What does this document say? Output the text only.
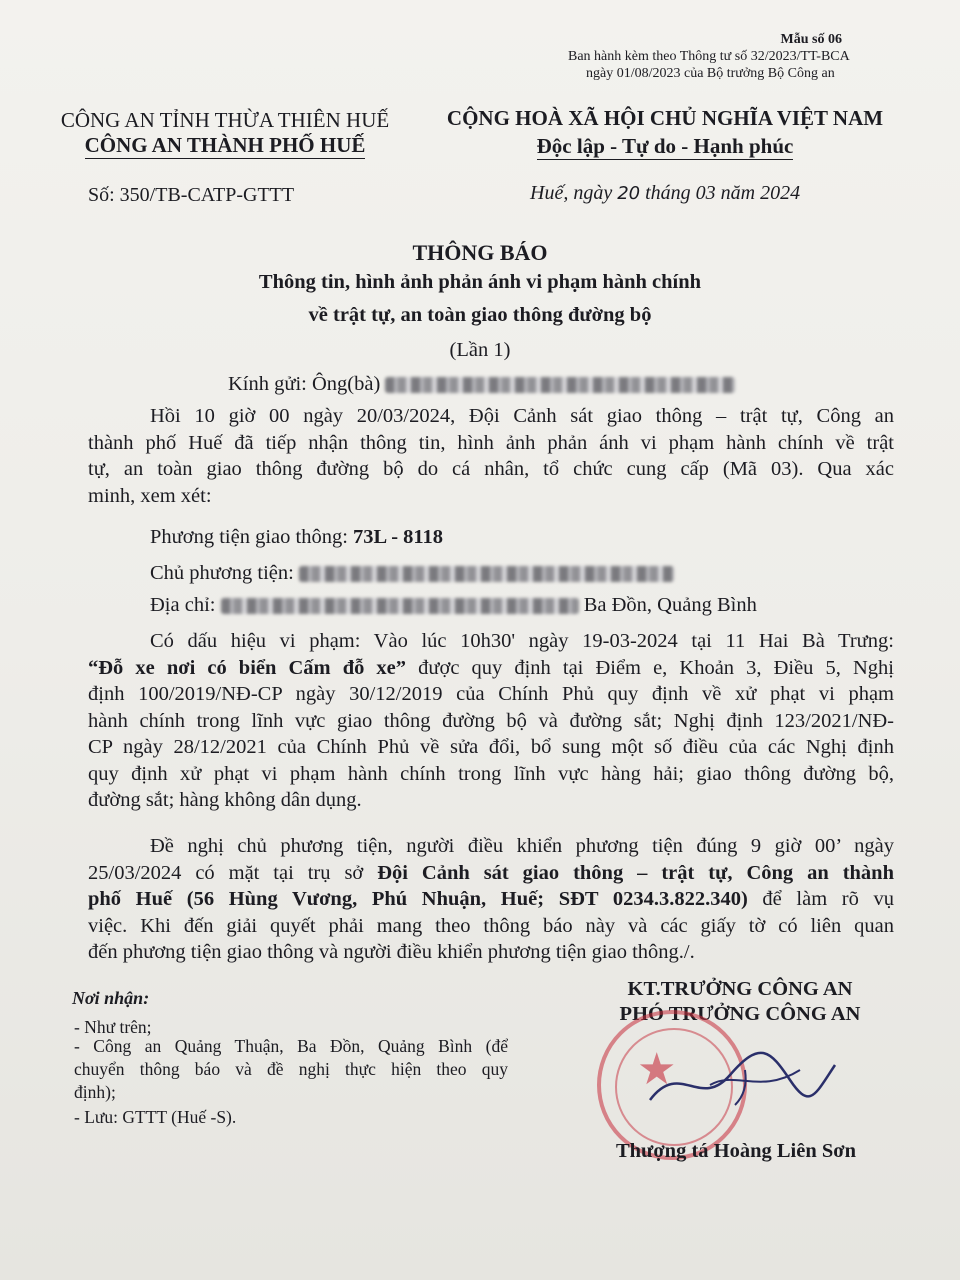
Mẫu số 06
Ban hành kèm theo Thông tư số 32/2023/TT-BCA
ngày 01/08/2023 của Bộ trưởng Bộ Công an
CÔNG AN TỈNH THỪA THIÊN HUẾ
CÔNG AN THÀNH PHỐ HUẾ
Số: 350/TB-CATP-GTTT
CỘNG HOÀ XÃ HỘI CHỦ NGHĨA VIỆT NAM
Độc lập - Tự do - Hạnh phúc
Huế, ngày 20 tháng 03 năm 2024
THÔNG BÁO
Thông tin, hình ảnh phản ánh vi phạm hành chính
về trật tự, an toàn giao thông đường bộ
(Lần 1)
Kính gửi: Ông(bà)
Hồi 10 giờ 00 ngày 20/03/2024, Đội Cảnh sát giao thông – trật tự, Công an
thành phố Huế đã tiếp nhận thông tin, hình ảnh phản ánh vi phạm hành chính về trật
tự, an toàn giao thông đường bộ do cá nhân, tổ chức cung cấp (Mã 03). Qua xác
minh, xem xét:
Phương tiện giao thông: 73L - 8118
Chủ phương tiện:
Địa chỉ:	Ba Đồn, Quảng Bình
Có dấu hiệu vi phạm: Vào lúc 10h30' ngày 19-03-2024 tại 11 Hai Bà Trưng:
“Đỗ xe nơi có biển Cấm đỗ xe” được quy định tại Điểm e, Khoản 3, Điều 5, Nghị
định 100/2019/NĐ-CP ngày 30/12/2019 của Chính Phủ quy định về xử phạt vi phạm
hành chính trong lĩnh vực giao thông đường bộ và đường sắt; Nghị định 123/2021/NĐ-
CP ngày 28/12/2021 của Chính Phủ về sửa đổi, bổ sung một số điều của các Nghị định
quy định xử phạt vi phạm hành chính trong lĩnh vực hàng hải; giao thông đường bộ,
đường sắt; hàng không dân dụng.
Đề nghị chủ phương tiện, người điều khiển phương tiện đúng 9 giờ 00’ ngày
25/03/2024 có mặt tại trụ sở Đội Cảnh sát giao thông – trật tự, Công an thành
phố Huế (56 Hùng Vương, Phú Nhuận, Huế; SĐT 0234.3.822.340) để làm rõ vụ
việc. Khi đến giải quyết phải mang theo thông báo này và các giấy tờ có liên quan
đến phương tiện giao thông và người điều khiển phương tiện giao thông./.
Nơi nhận:
- Như trên;
- Công an Quảng Thuận, Ba Đồn, Quảng Bình (để
chuyển thông báo và đề nghị thực hiện theo quy
định);
- Lưu: GTTT (Huế -S).
KT.TRƯỞNG CÔNG AN
PHÓ TRƯỞNG CÔNG AN
★
Thượng tá Hoàng Liên Sơn
